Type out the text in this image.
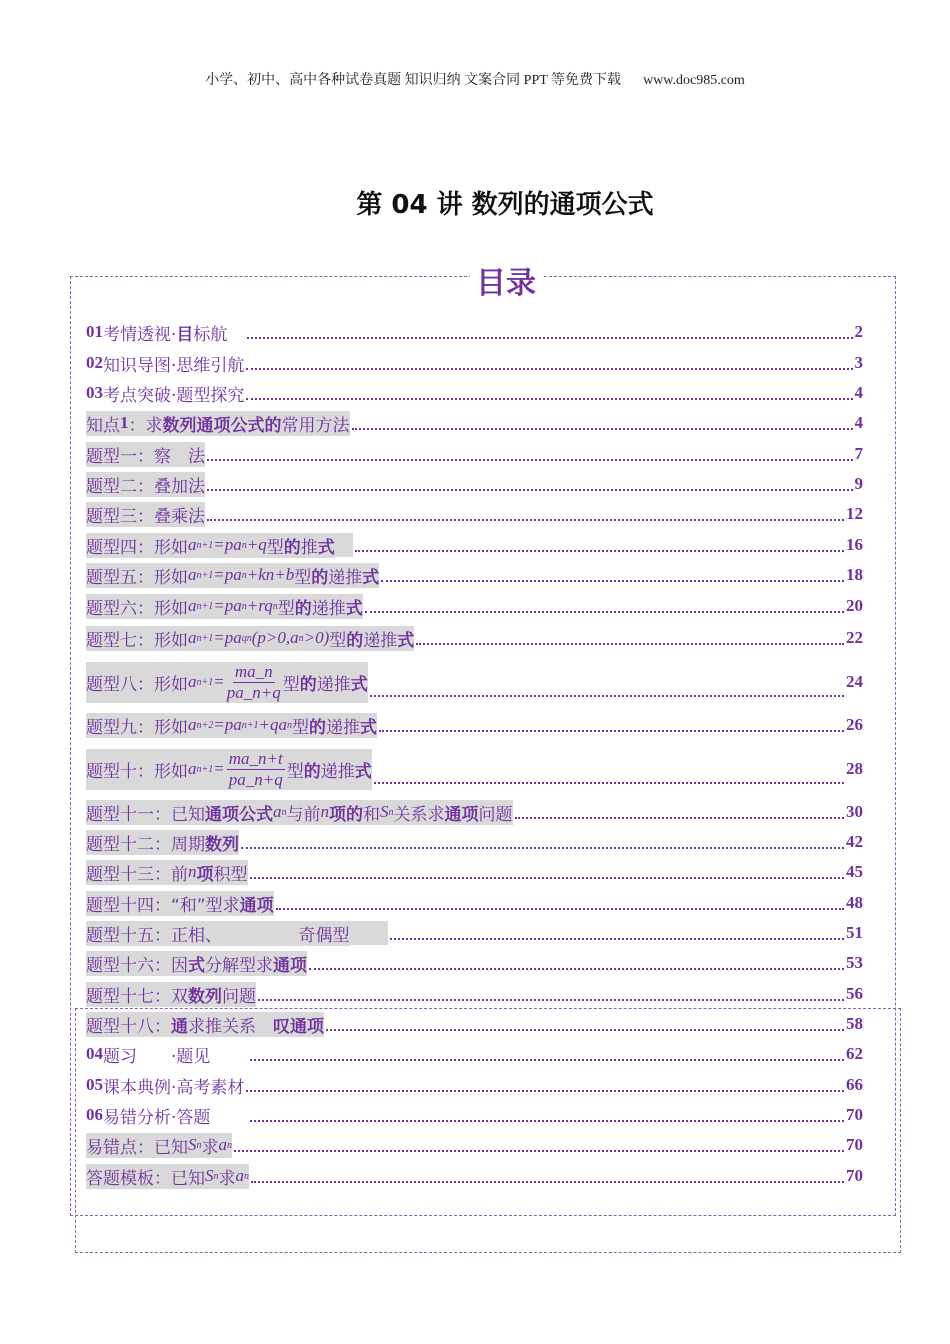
小学、初中、高中各种试卷真题 知识归纳 文案合同 PPT 等免费下载 www.doc985.com
第 04 讲 数列的通项公式
目录
01 考情透视· 目 标航	2
02 知识导图·思维引航	3
03 考点突破·题型探究	4
知点 1 ：求 数列通项公式的 常用方法	4
题型一：察　法	7
题型二：叠加法	9
题型三：叠乘法	12
题型四：形如 a n+1 =pa n +q 型 的 推 式	16
题型五：形如 a n+1 =pa n +kn+b 型 的 递推 式	18
题型六：形如 a n+1 =pa n +rq n 型 的 递推 式	20
题型七：形如 a n+1 =pa q n (p>0,a n >0) 型 的 递推 式	22
题型八：形如 a $n+1 = \frac{ma\_n}{pa\_n+q}$ 型 的 递推 式	24
题型九：形如 a n+2 =pa n+1 +qa n 型 的 递推 式	26
题型十：形如 a $n+1 = \frac{ma\_n+t}{pa\_n+q}$ 型 的 递推 式	28
题型十一：已知 通项公式 a n 与前 n 项的 和 S n 关系求 通项 问题	30
题型十二：周期 数列	42
题型十三：前 n 项 积型	45
题型十四：“和”型求 通项	48
题型十五：正相、　　　　　奇偶型	51
题型十六：因 式 分解型求 通项	53
题型十七：双 数列 问题	56
题型十八： 通 求推关系　 叹通项	58
04 题习　　·题见	62
05 课本典例·高考素材	66
06 易错分析·答题	70
易错点：已知 S n 求 a n	70
答题模板：已知 S n 求 a n	70
